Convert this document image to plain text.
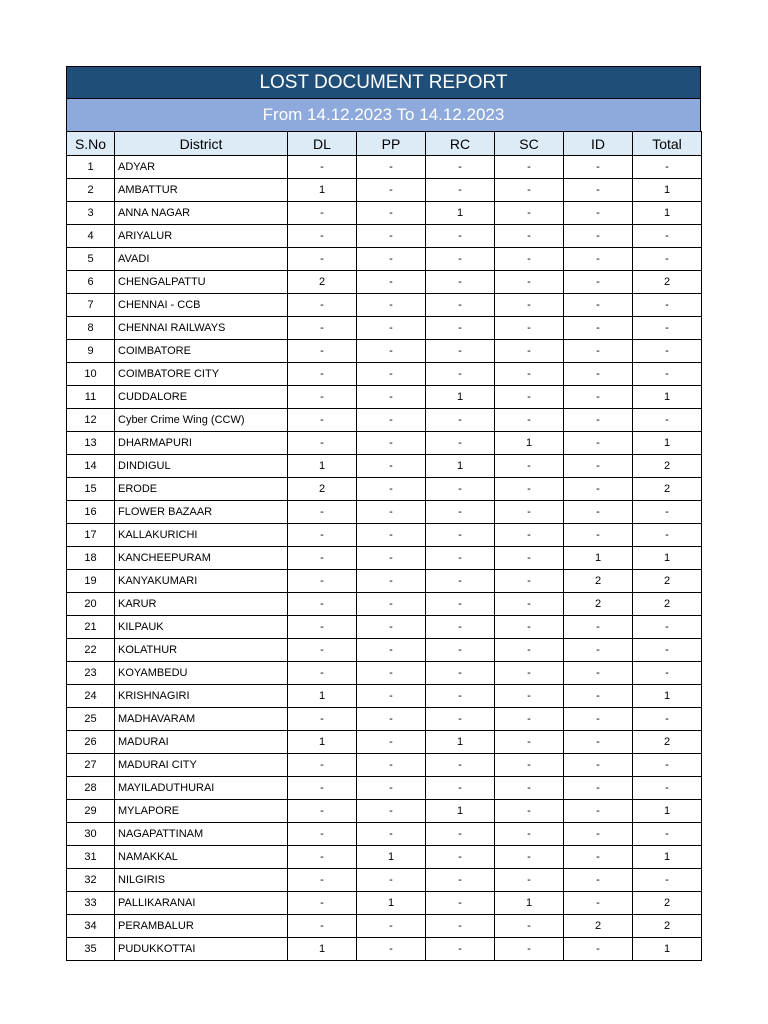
LOST DOCUMENT REPORT
From 14.12.2023 To 14.12.2023
S.No	District	DL	PP	RC	SC	ID	Total
1	ADYAR	-	-	-	-	-	-
2	AMBATTUR	1	-	-	-	-	1
3	ANNA NAGAR	-	-	1	-	-	1
4	ARIYALUR	-	-	-	-	-	-
5	AVADI	-	-	-	-	-	-
6	CHENGALPATTU	2	-	-	-	-	2
7	CHENNAI - CCB	-	-	-	-	-	-
8	CHENNAI RAILWAYS	-	-	-	-	-	-
9	COIMBATORE	-	-	-	-	-	-
10	COIMBATORE CITY	-	-	-	-	-	-
11	CUDDALORE	-	-	1	-	-	1
12	Cyber Crime Wing (CCW)	-	-	-	-	-	-
13	DHARMAPURI	-	-	-	1	-	1
14	DINDIGUL	1	-	1	-	-	2
15	ERODE	2	-	-	-	-	2
16	FLOWER BAZAAR	-	-	-	-	-	-
17	KALLAKURICHI	-	-	-	-	-	-
18	KANCHEEPURAM	-	-	-	-	1	1
19	KANYAKUMARI	-	-	-	-	2	2
20	KARUR	-	-	-	-	2	2
21	KILPAUK	-	-	-	-	-	-
22	KOLATHUR	-	-	-	-	-	-
23	KOYAMBEDU	-	-	-	-	-	-
24	KRISHNAGIRI	1	-	-	-	-	1
25	MADHAVARAM	-	-	-	-	-	-
26	MADURAI	1	-	1	-	-	2
27	MADURAI CITY	-	-	-	-	-	-
28	MAYILADUTHURAI	-	-	-	-	-	-
29	MYLAPORE	-	-	1	-	-	1
30	NAGAPATTINAM	-	-	-	-	-	-
31	NAMAKKAL	-	1	-	-	-	1
32	NILGIRIS	-	-	-	-	-	-
33	PALLIKARANAI	-	1	-	1	-	2
34	PERAMBALUR	-	-	-	-	2	2
35	PUDUKKOTTAI	1	-	-	-	-	1
